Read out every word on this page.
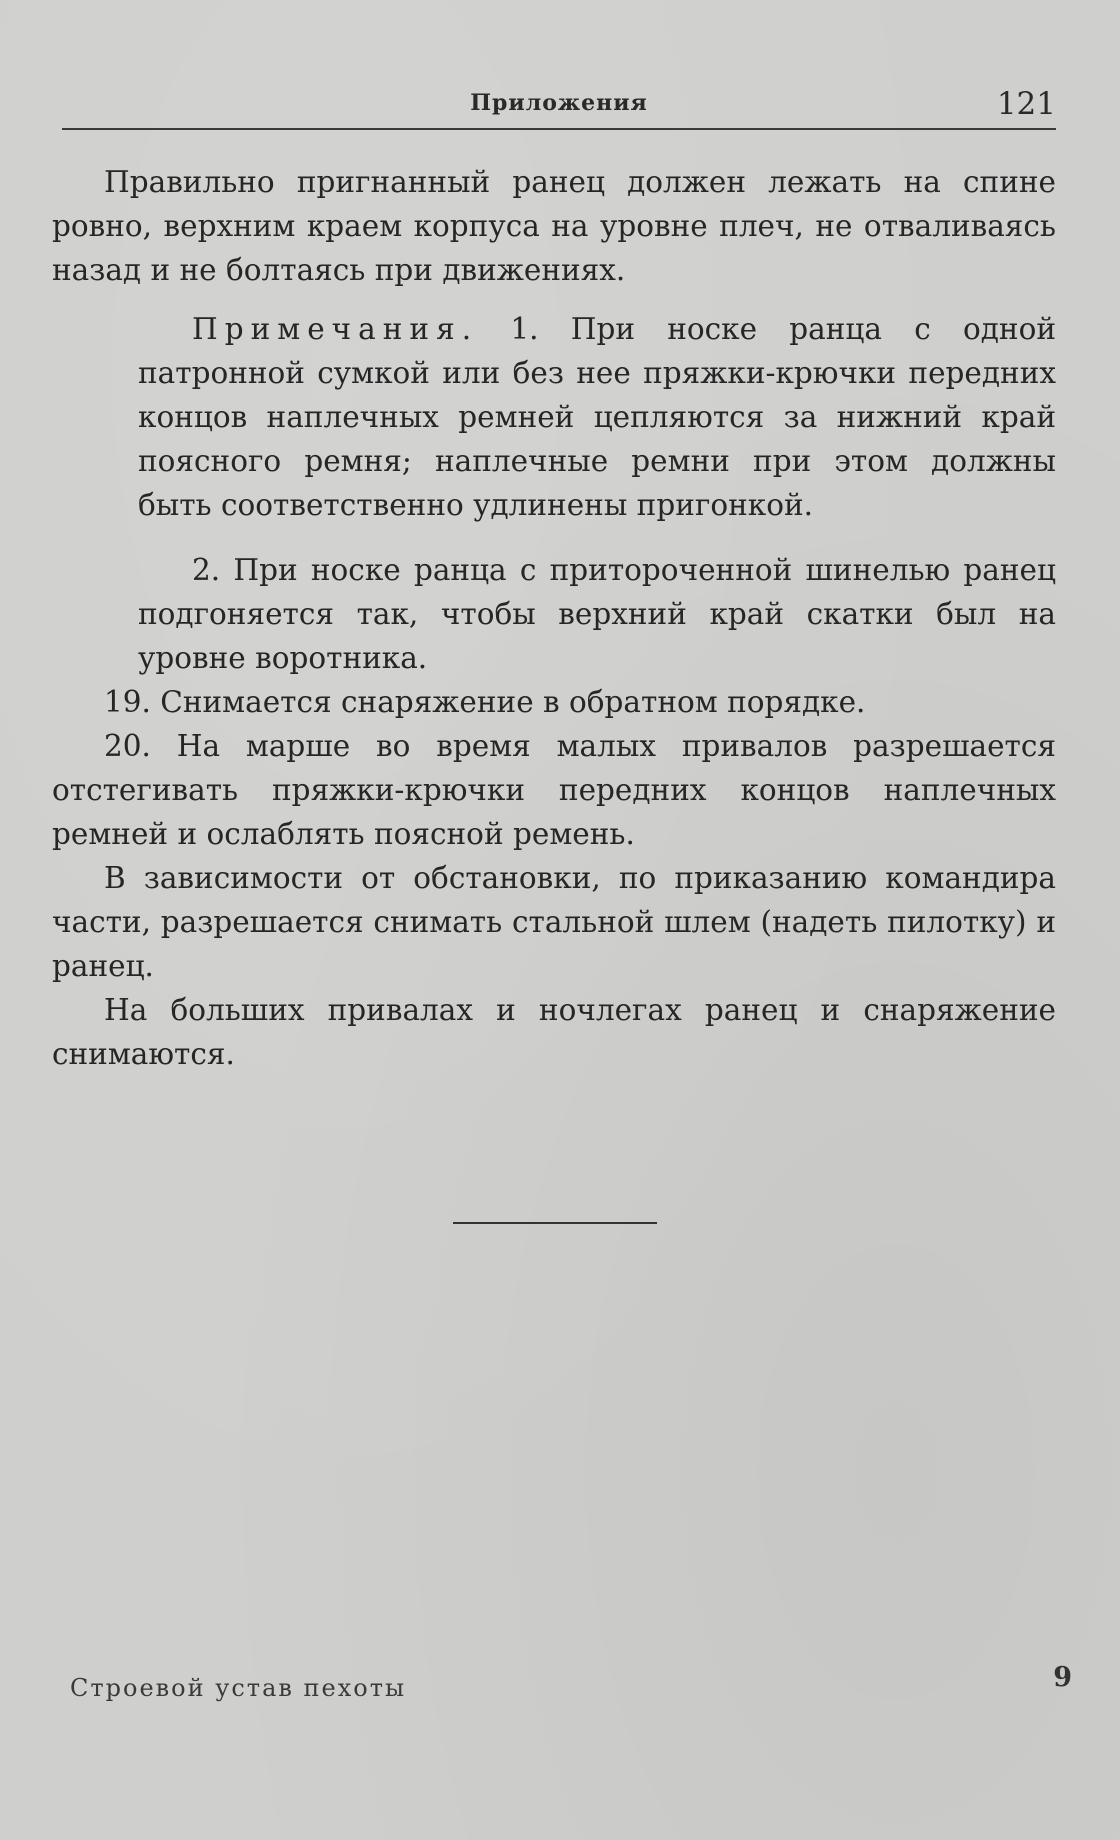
Приложения	121

Правильно пригнанный ранец должен лежать на спине ровно, верхним краем корпуса на уровне плеч, не отваливаясь назад и не болтаясь при движениях.

Примечания. 1. При носке ранца с одной патронной сумкой или без нее пряжки-крючки передних концов наплечных ремней цепляются за нижний край поясного ремня; наплечные ремни при этом должны быть соответственно удлинены пригонкой.

2. При носке ранца с притороченной шинелью ранец подгоняется так, чтобы верхний край скатки был на уровне воротника.

19. Снимается снаряжение в обратном порядке.

20. На марше во время малых привалов разрешается отстегивать пряжки-крючки передних концов наплечных ремней и ослаблять поясной ремень.

В зависимости от обстановки, по приказанию командира части, разрешается снимать стальной шлем (надеть пилотку) и ранец.

На больших привалах и ночлегах ранец и снаряжение снимаются.

Строевой устав пехоты	9
